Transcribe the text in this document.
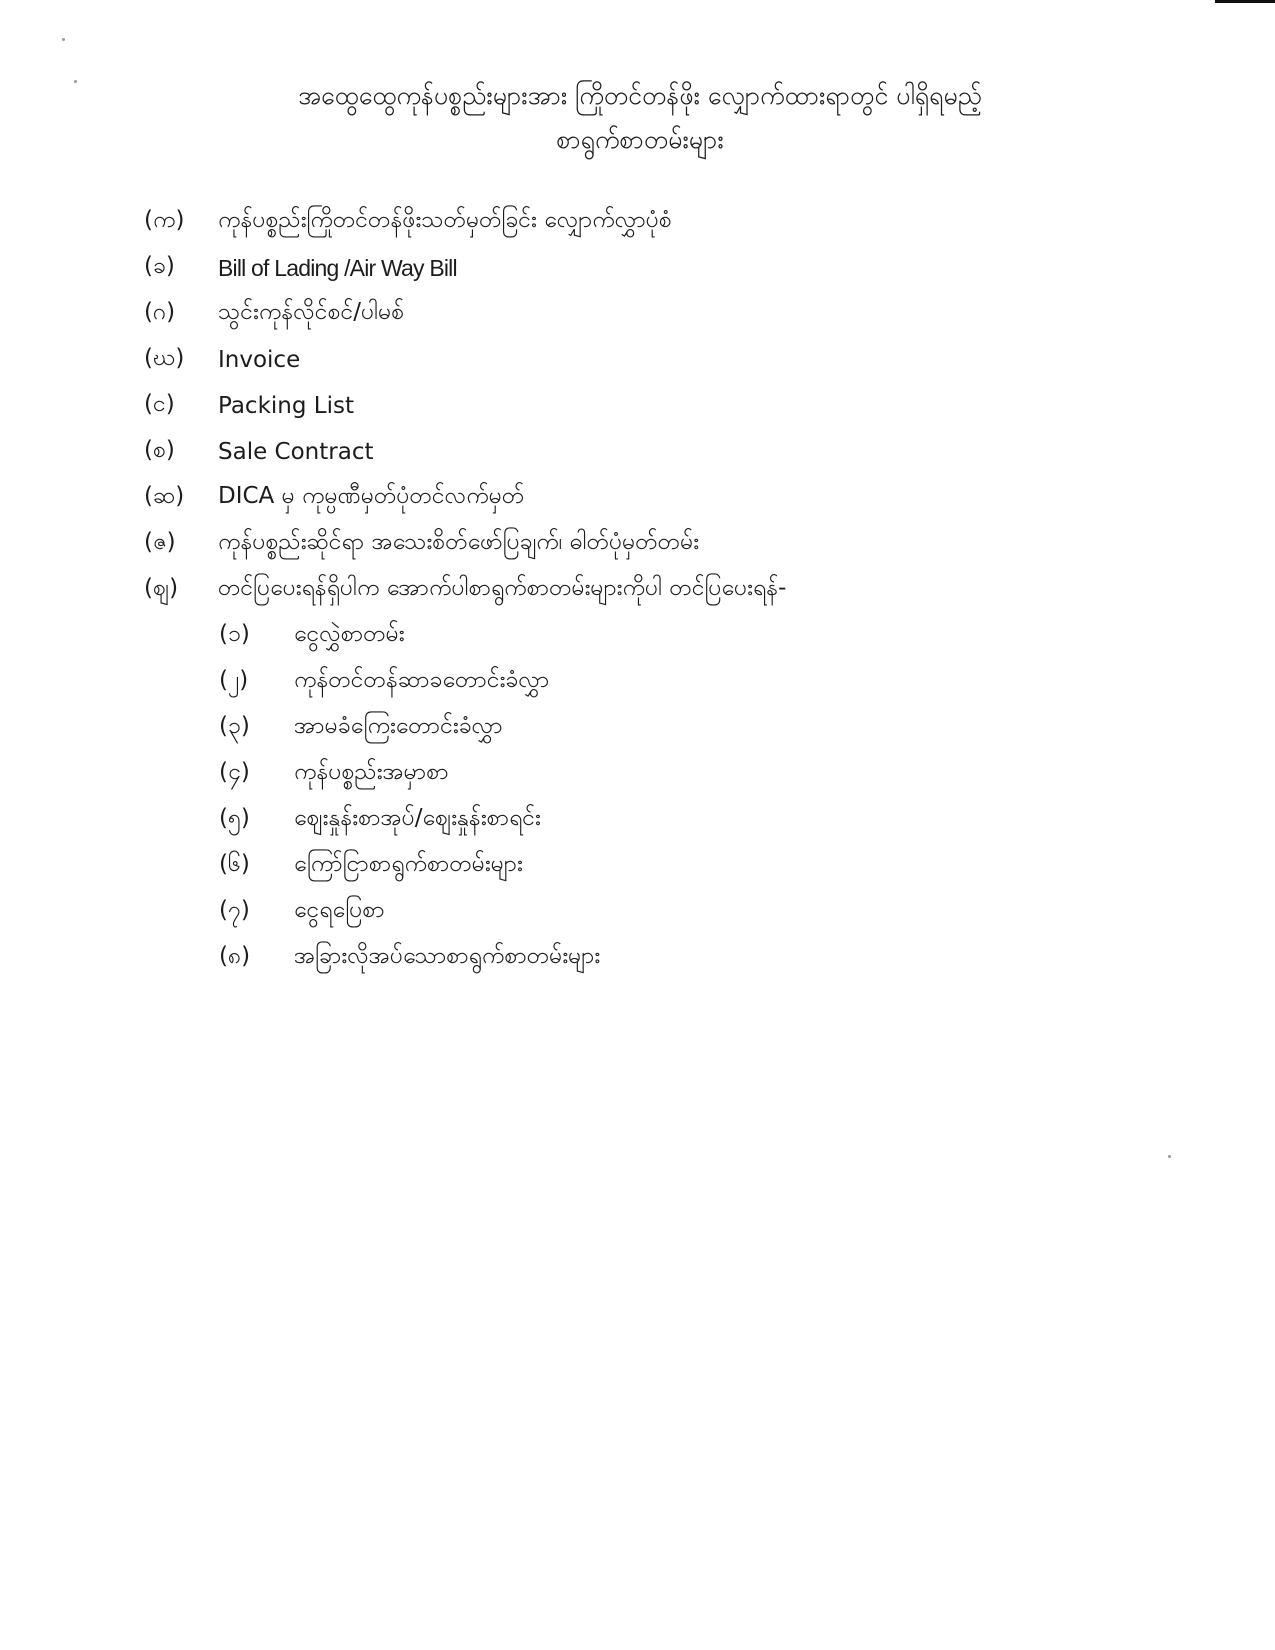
အထွေထွေကုန်ပစ္စည်းများအား ကြိုတင်တန်ဖိုး လျှောက်ထားရာတွင် ပါရှိရမည့်
စာရွက်စာတမ်းများ
(က)	ကုန်ပစ္စည်းကြိုတင်တန်ဖိုးသတ်မှတ်ခြင်း လျှောက်လွှာပုံစံ
(ခ)	Bill of Lading /Air Way Bill
(ဂ)	သွင်းကုန်လိုင်စင်/ပါမစ်
(ဃ)	Invoice
(င)	Packing List
(စ)	Sale Contract
(ဆ)	DICA မှ ကုမ္ပဏီမှတ်ပုံတင်လက်မှတ်
(ဇ)	ကုန်ပစ္စည်းဆိုင်ရာ အသေးစိတ်ဖော်ပြချက်၊ ဓါတ်ပုံမှတ်တမ်း
(ဈ)	တင်ပြပေးရန်ရှိပါက အောက်ပါစာရွက်စာတမ်းများကိုပါ တင်ပြပေးရန်-
(၁)	ငွေလွှဲစာတမ်း
(၂)	ကုန်တင်တန်ဆာခတောင်းခံလွှာ
(၃)	အာမခံကြေးတောင်းခံလွှာ
(၄)	ကုန်ပစ္စည်းအမှာစာ
(၅)	ဈေးနှုန်းစာအုပ်/ဈေးနှုန်းစာရင်း
(၆)	ကြော်ငြာစာရွက်စာတမ်းများ
(၇)	ငွေရပြေစာ
(၈)	အခြားလိုအပ်သောစာရွက်စာတမ်းများ
